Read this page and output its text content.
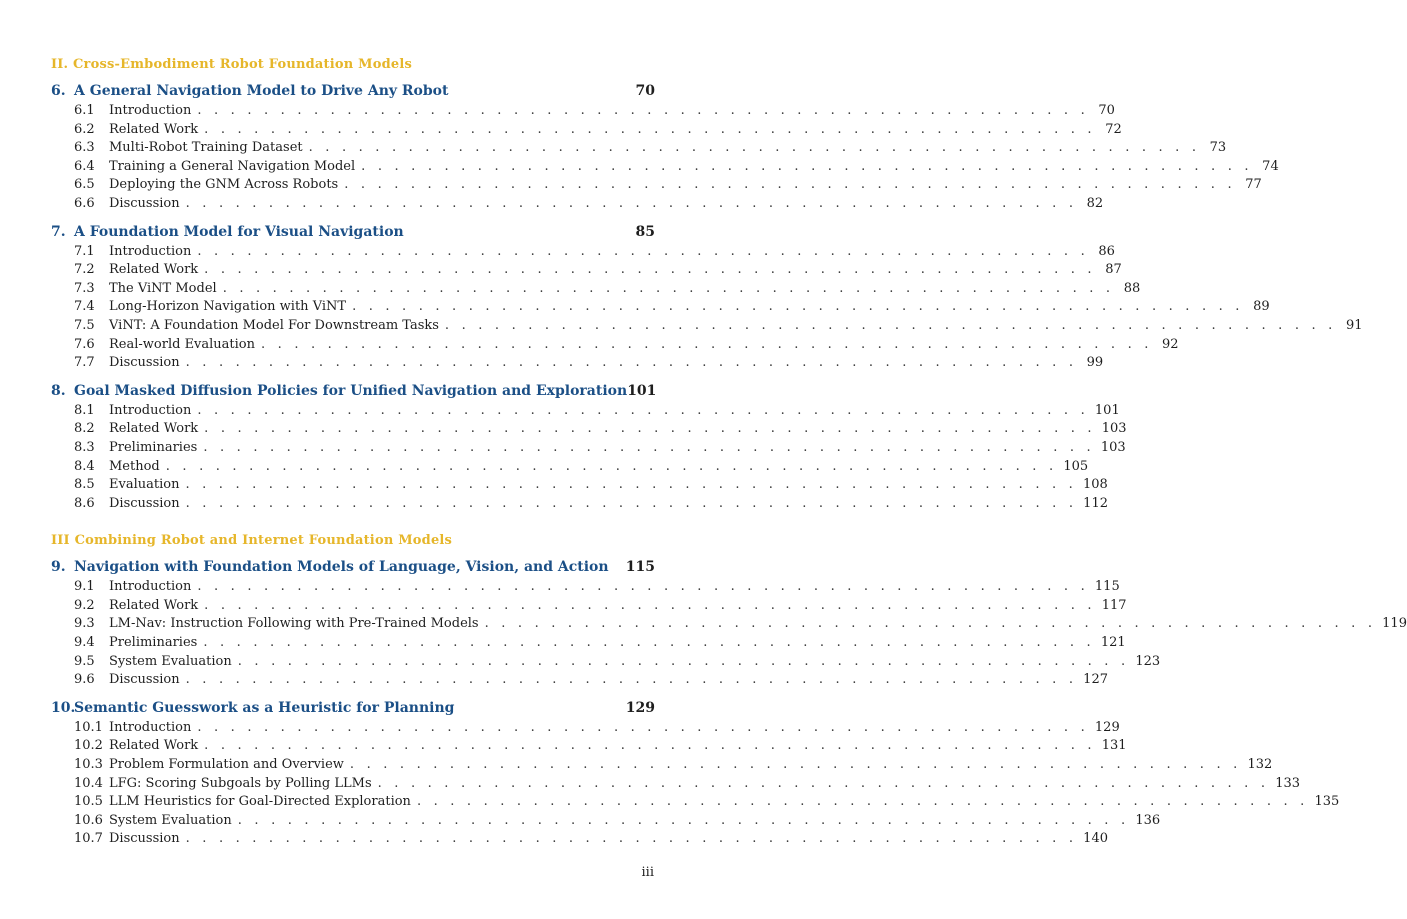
II. Cross-Embodiment Robot Foundation Models
6. A General Navigation Model to Drive Any Robot	70
6.1	Introduction . . . . . . . . . . . . . . . . . . . . . . . . . . . . . . . . . . . . . . . . . . . . . . . . . . . . . . 70
6.2	Related Work . . . . . . . . . . . . . . . . . . . . . . . . . . . . . . . . . . . . . . . . . . . . . . . . . . . . . . 72
6.3	Multi-Robot Training Dataset . . . . . . . . . . . . . . . . . . . . . . . . . . . . . . . . . . . . . . . . . . . . . . . . . . . . . . 73
6.4	Training a General Navigation Model . . . . . . . . . . . . . . . . . . . . . . . . . . . . . . . . . . . . . . . . . . . . . . . . . . . . . . 74
6.5	Deploying the GNM Across Robots . . . . . . . . . . . . . . . . . . . . . . . . . . . . . . . . . . . . . . . . . . . . . . . . . . . . . . 77
6.6	Discussion . . . . . . . . . . . . . . . . . . . . . . . . . . . . . . . . . . . . . . . . . . . . . . . . . . . . . . 82
7. A Foundation Model for Visual Navigation	85
7.1	Introduction . . . . . . . . . . . . . . . . . . . . . . . . . . . . . . . . . . . . . . . . . . . . . . . . . . . . . . 86
7.2	Related Work . . . . . . . . . . . . . . . . . . . . . . . . . . . . . . . . . . . . . . . . . . . . . . . . . . . . . . 87
7.3	The ViNT Model . . . . . . . . . . . . . . . . . . . . . . . . . . . . . . . . . . . . . . . . . . . . . . . . . . . . . . 88
7.4	Long-Horizon Navigation with ViNT . . . . . . . . . . . . . . . . . . . . . . . . . . . . . . . . . . . . . . . . . . . . . . . . . . . . . . 89
7.5	ViNT: A Foundation Model For Downstream Tasks . . . . . . . . . . . . . . . . . . . . . . . . . . . . . . . . . . . . . . . . . . . . . . . . . . . . . . 91
7.6	Real-world Evaluation . . . . . . . . . . . . . . . . . . . . . . . . . . . . . . . . . . . . . . . . . . . . . . . . . . . . . . 92
7.7	Discussion . . . . . . . . . . . . . . . . . . . . . . . . . . . . . . . . . . . . . . . . . . . . . . . . . . . . . . 99
8. Goal Masked Diffusion Policies for Unified Navigation and Exploration 101
8.1	Introduction . . . . . . . . . . . . . . . . . . . . . . . . . . . . . . . . . . . . . . . . . . . . . . . . . . . . . . 101
8.2	Related Work . . . . . . . . . . . . . . . . . . . . . . . . . . . . . . . . . . . . . . . . . . . . . . . . . . . . . . 103
8.3	Preliminaries . . . . . . . . . . . . . . . . . . . . . . . . . . . . . . . . . . . . . . . . . . . . . . . . . . . . . . 103
8.4	Method . . . . . . . . . . . . . . . . . . . . . . . . . . . . . . . . . . . . . . . . . . . . . . . . . . . . . . 105
8.5	Evaluation . . . . . . . . . . . . . . . . . . . . . . . . . . . . . . . . . . . . . . . . . . . . . . . . . . . . . . 108
8.6	Discussion . . . . . . . . . . . . . . . . . . . . . . . . . . . . . . . . . . . . . . . . . . . . . . . . . . . . . . 112
III Combining Robot and Internet Foundation Models
9. Navigation with Foundation Models of Language, Vision, and Action	115
9.1	Introduction . . . . . . . . . . . . . . . . . . . . . . . . . . . . . . . . . . . . . . . . . . . . . . . . . . . . . . 115
9.2	Related Work . . . . . . . . . . . . . . . . . . . . . . . . . . . . . . . . . . . . . . . . . . . . . . . . . . . . . . 117
9.3	LM-Nav: Instruction Following with Pre-Trained Models . . . . . . . . . . . . . . . . . . . . . . . . . . . . . . . . . . . . . . . . . . . . . . . . . . . . . . 119
9.4	Preliminaries . . . . . . . . . . . . . . . . . . . . . . . . . . . . . . . . . . . . . . . . . . . . . . . . . . . . . . 121
9.5	System Evaluation . . . . . . . . . . . . . . . . . . . . . . . . . . . . . . . . . . . . . . . . . . . . . . . . . . . . . . 123
9.6	Discussion . . . . . . . . . . . . . . . . . . . . . . . . . . . . . . . . . . . . . . . . . . . . . . . . . . . . . . 127
10.
Semantic Guesswork as a Heuristic for Planning	129
10.1 Introduction . . . . . . . . . . . . . . . . . . . . . . . . . . . . . . . . . . . . . . . . . . . . . . . . . . . . . . 129
10.2 Related Work . . . . . . . . . . . . . . . . . . . . . . . . . . . . . . . . . . . . . . . . . . . . . . . . . . . . . . 131
10.3 Problem Formulation and Overview . . . . . . . . . . . . . . . . . . . . . . . . . . . . . . . . . . . . . . . . . . . . . . . . . . . . . . 132
10.4 LFG: Scoring Subgoals by Polling LLMs . . . . . . . . . . . . . . . . . . . . . . . . . . . . . . . . . . . . . . . . . . . . . . . . . . . . . . 133
10.5 LLM Heuristics for Goal-Directed Exploration . . . . . . . . . . . . . . . . . . . . . . . . . . . . . . . . . . . . . . . . . . . . . . . . . . . . . . 135
10.6 System Evaluation . . . . . . . . . . . . . . . . . . . . . . . . . . . . . . . . . . . . . . . . . . . . . . . . . . . . . . 136
10.7 Discussion . . . . . . . . . . . . . . . . . . . . . . . . . . . . . . . . . . . . . . . . . . . . . . . . . . . . . . 140
iii
